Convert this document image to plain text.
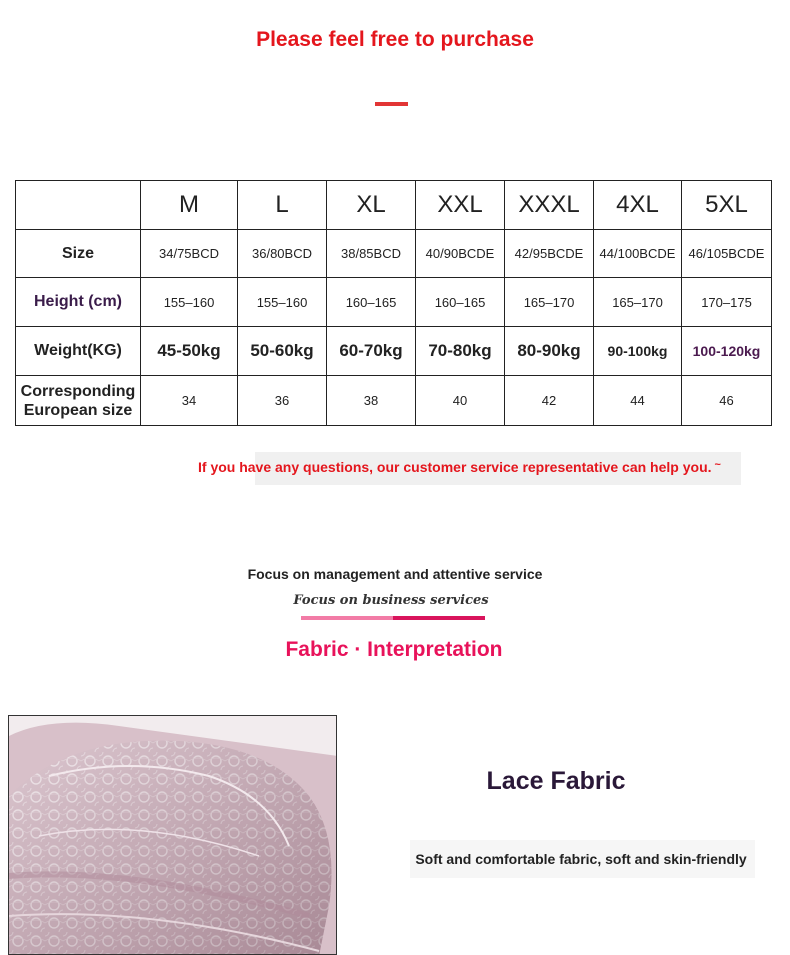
Please feel free to purchase
	M	L	XL	XXL	XXXL	4XL	5XL
Size	34/75BCD	36/80BCD	38/85BCD	40/90BCDE	42/95BCDE	44/100BCDE	46/105BCDE
Height (cm)	155–160	155–160	160–165	160–165	165–170	165–170	170–175
Weight(KG)	45-50kg	50-60kg	60-70kg	70-80kg	80-90kg	90-100kg	100-120kg
Corresponding
European size	34	36	38	40	42	44	46
If you have any questions, our customer service representative can help you. ~
Focus on management and attentive service
Focus on business services
Fabric · Interpretation
Lace Fabric
Soft and comfortable fabric, soft and skin-friendly
